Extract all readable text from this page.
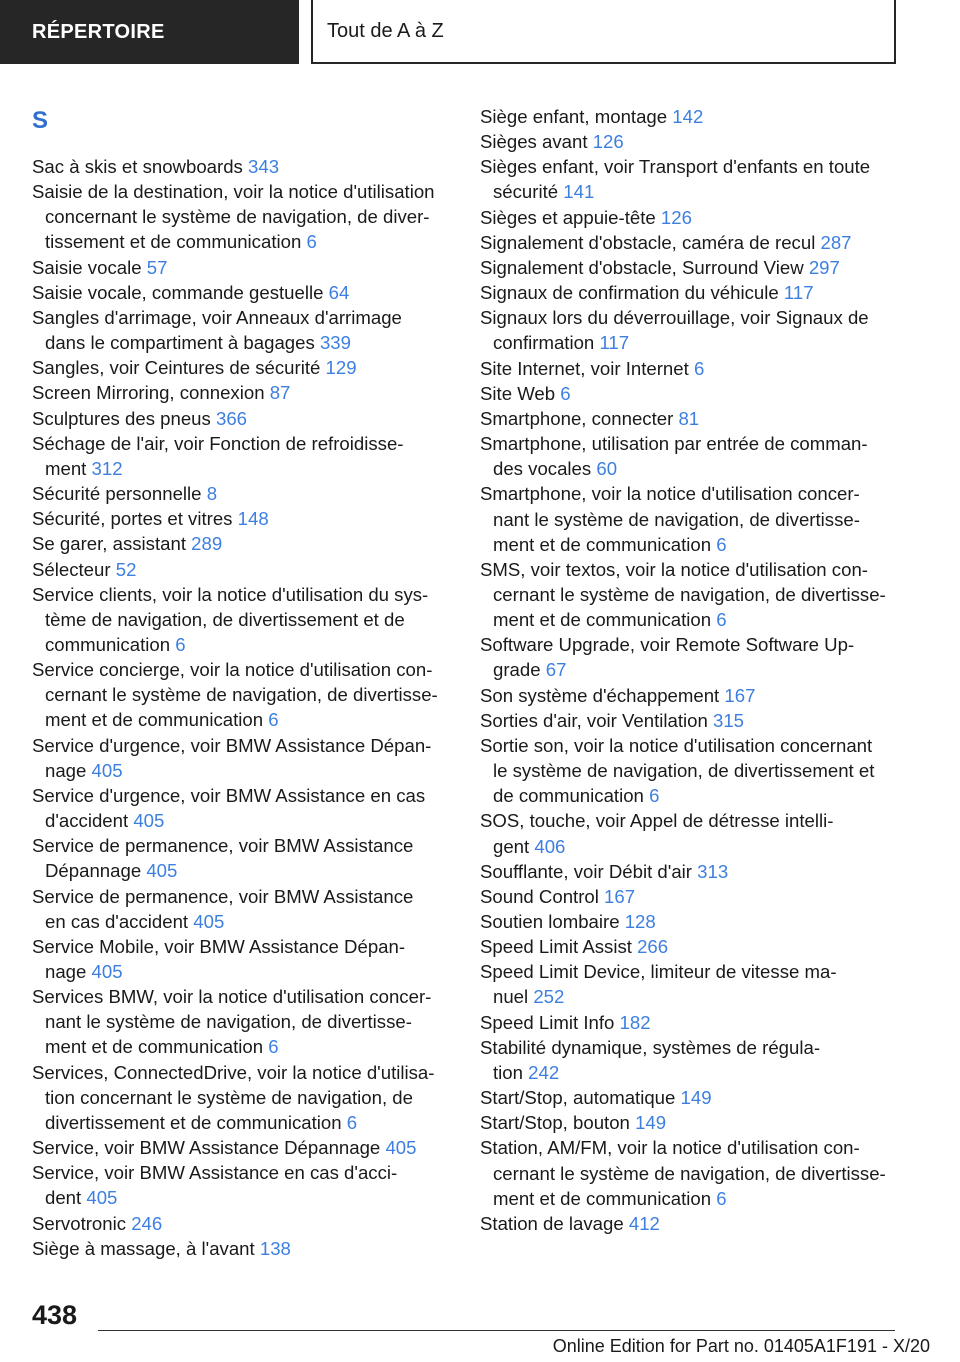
RÉPERTOIRE	Tout de A à Z
S
Sac à skis et snowboards 343
Saisie de la destination, voir la notice d'utilisation
concernant le système de navigation, de diver‐
tissement et de communication 6
Saisie vocale 57
Saisie vocale, commande gestuelle 64
Sangles d'arrimage, voir Anneaux d'arrimage
dans le compartiment à bagages 339
Sangles, voir Ceintures de sécurité 129
Screen Mirroring, connexion 87
Sculptures des pneus 366
Séchage de l'air, voir Fonction de refroidisse‐
ment 312
Sécurité personnelle 8
Sécurité, portes et vitres 148
Se garer, assistant 289
Sélecteur 52
Service clients, voir la notice d'utilisation du sys‐
tème de navigation, de divertissement et de
communication 6
Service concierge, voir la notice d'utilisation con‐
cernant le système de navigation, de divertisse‐
ment et de communication 6
Service d'urgence, voir BMW Assistance Dépan‐
nage 405
Service d'urgence, voir BMW Assistance en cas
d'accident 405
Service de permanence, voir BMW Assistance
Dépannage 405
Service de permanence, voir BMW Assistance
en cas d'accident 405
Service Mobile, voir BMW Assistance Dépan‐
nage 405
Services BMW, voir la notice d'utilisation concer‐
nant le système de navigation, de divertisse‐
ment et de communication 6
Services, ConnectedDrive, voir la notice d'utilisa‐
tion concernant le système de navigation, de
divertissement et de communication 6
Service, voir BMW Assistance Dépannage 405
Service, voir BMW Assistance en cas d'acci‐
dent 405
Servotronic 246
Siège à massage, à l'avant 138
Siège enfant, montage 142
Sièges avant 126
Sièges enfant, voir Transport d'enfants en toute
sécurité 141
Sièges et appuie-tête 126
Signalement d'obstacle, caméra de recul 287
Signalement d'obstacle, Surround View 297
Signaux de confirmation du véhicule 117
Signaux lors du déverrouillage, voir Signaux de
confirmation 117
Site Internet, voir Internet 6
Site Web 6
Smartphone, connecter 81
Smartphone, utilisation par entrée de comman‐
des vocales 60
Smartphone, voir la notice d'utilisation concer‐
nant le système de navigation, de divertisse‐
ment et de communication 6
SMS, voir textos, voir la notice d'utilisation con‐
cernant le système de navigation, de divertisse‐
ment et de communication 6
Software Upgrade, voir Remote Software Up‐
grade 67
Son système d'échappement 167
Sorties d'air, voir Ventilation 315
Sortie son, voir la notice d'utilisation concernant
le système de navigation, de divertissement et
de communication 6
SOS, touche, voir Appel de détresse intelli‐
gent 406
Soufflante, voir Débit d'air 313
Sound Control 167
Soutien lombaire 128
Speed Limit Assist 266
Speed Limit Device, limiteur de vitesse ma‐
nuel 252
Speed Limit Info 182
Stabilité dynamique, systèmes de régula‐
tion 242
Start/Stop, automatique 149
Start/Stop, bouton 149
Station, AM/FM, voir la notice d'utilisation con‐
cernant le système de navigation, de divertisse‐
ment et de communication 6
Station de lavage 412
438
Online Edition for Part no. 01405A1F191 - X/20
